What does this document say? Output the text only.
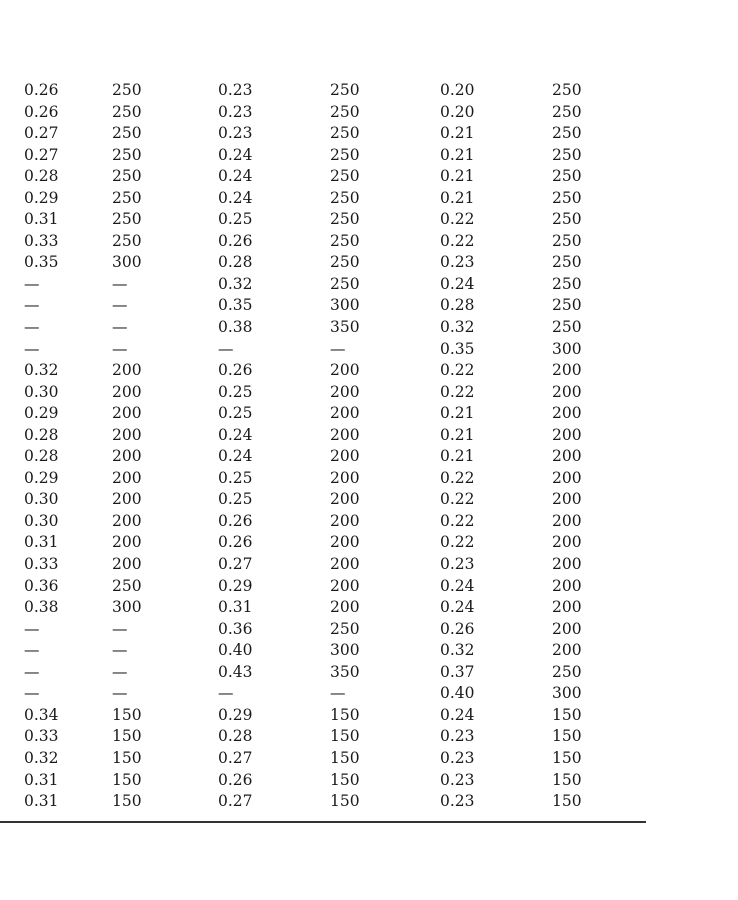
0.26	250	0.23	250	0.20	250
0.26	250	0.23	250	0.20	250
0.27	250	0.23	250	0.21	250
0.27	250	0.24	250	0.21	250
0.28	250	0.24	250	0.21	250
0.29	250	0.24	250	0.21	250
0.31	250	0.25	250	0.22	250
0.33	250	0.26	250	0.22	250
0.35	300	0.28	250	0.23	250
—	—	0.32	250	0.24	250
—	—	0.35	300	0.28	250
—	—	0.38	350	0.32	250
—	—	—	—	0.35	300
0.32	200	0.26	200	0.22	200
0.30	200	0.25	200	0.22	200
0.29	200	0.25	200	0.21	200
0.28	200	0.24	200	0.21	200
0.28	200	0.24	200	0.21	200
0.29	200	0.25	200	0.22	200
0.30	200	0.25	200	0.22	200
0.30	200	0.26	200	0.22	200
0.31	200	0.26	200	0.22	200
0.33	200	0.27	200	0.23	200
0.36	250	0.29	200	0.24	200
0.38	300	0.31	200	0.24	200
—	—	0.36	250	0.26	200
—	—	0.40	300	0.32	200
—	—	0.43	350	0.37	250
—	—	—	—	0.40	300
0.34	150	0.29	150	0.24	150
0.33	150	0.28	150	0.23	150
0.32	150	0.27	150	0.23	150
0.31	150	0.26	150	0.23	150
0.31	150	0.27	150	0.23	150
